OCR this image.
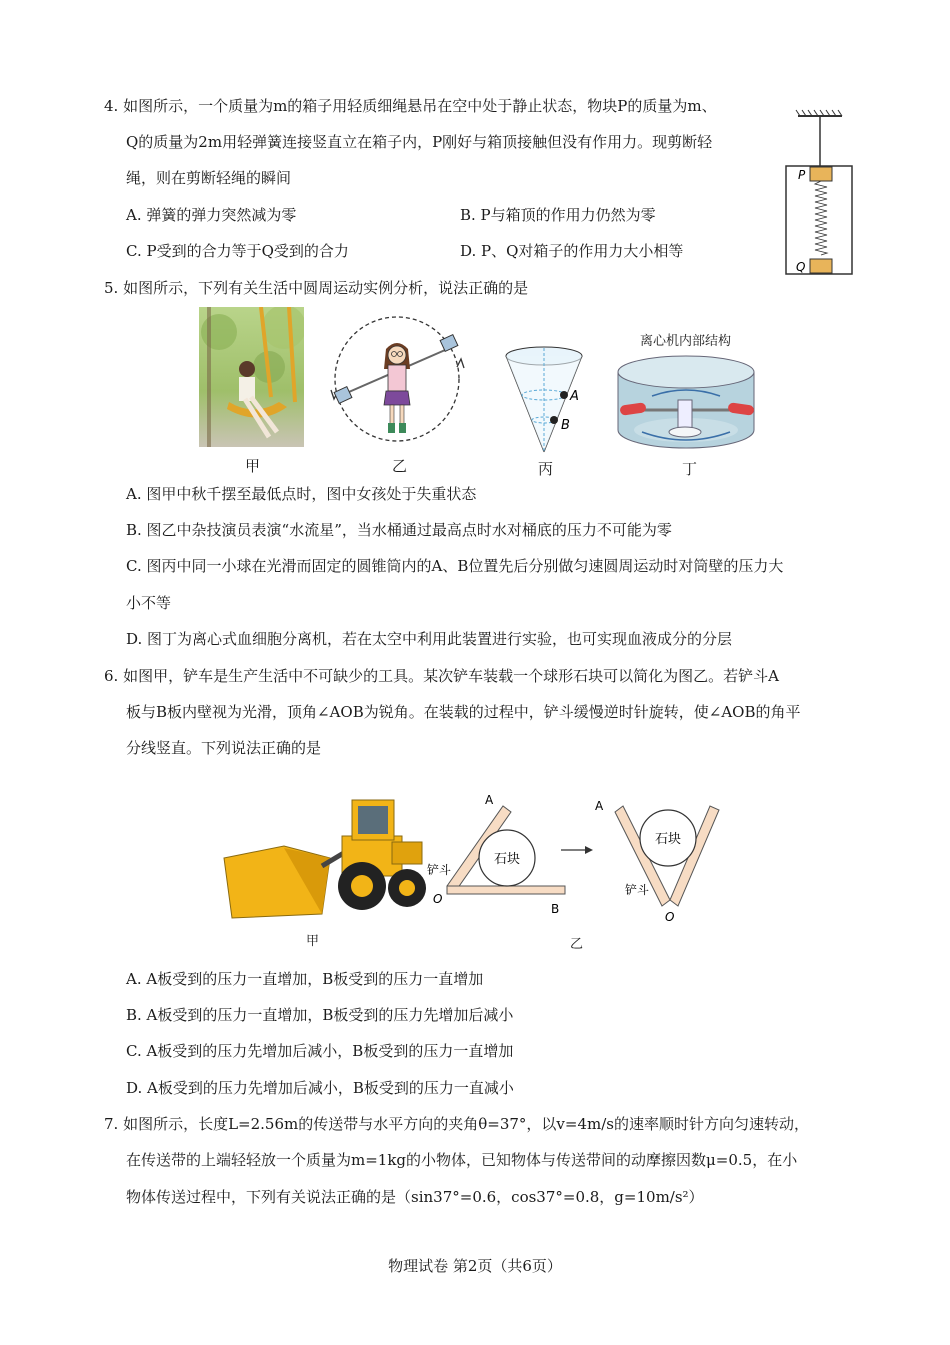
4. 如图所示，一个质量为m的箱子用轻质细绳悬吊在空中处于静止状态，物块P的质量为m、
Q的质量为2m用轻弹簧连接竖直立在箱子内，P刚好与箱顶接触但没有作用力。现剪断轻
绳，则在剪断轻绳的瞬间
A. 弹簧的弹力突然减为零	B. P与箱顶的作用力仍然为零
C. P受到的合力等于Q受到的合力	D. P、Q对箱子的作用力大小相等
P
Q
5. 如图所示，下列有关生活中圆周运动实例分析，说法正确的是
甲	乙
A
B
丙
离心机内部结构
丁
A. 图甲中秋千摆至最低点时，图中女孩处于失重状态
B. 图乙中杂技演员表演“水流星”，当水桶通过最高点时水对桶底的压力不可能为零
C. 图丙中同一小球在光滑而固定的圆锥筒内的A、B位置先后分别做匀速圆周运动时对筒壁的压力大
小不等
D. 图丁为离心式血细胞分离机，若在太空中利用此装置进行实验，也可实现血液成分的分层
6. 如图甲，铲车是生产生活中不可缺少的工具。某次铲车装载一个球形石块可以简化为图乙。若铲斗A
板与B板内壁视为光滑，顶角∠AOB为锐角。在装载的过程中，铲斗缓慢逆时针旋转，使∠AOB的角平
分线竖直。下列说法正确的是
甲
石块
A
B
O
铲斗
石块
A
O
铲斗
乙
A. A板受到的压力一直增加，B板受到的压力一直增加
B. A板受到的压力一直增加，B板受到的压力先增加后减小
C. A板受到的压力先增加后减小，B板受到的压力一直增加
D. A板受到的压力先增加后减小，B板受到的压力一直减小
7. 如图所示，长度L=2.56m的传送带与水平方向的夹角θ=37°，以v=4m/s的速率顺时针方向匀速转动，
在传送带的上端轻轻放一个质量为m=1kg的小物体，已知物体与传送带间的动摩擦因数μ=0.5，在小
物体传送过程中，下列有关说法正确的是（sin37°=0.6，cos37°=0.8，g=10m/s²）
物理试卷 第2页（共6页）
